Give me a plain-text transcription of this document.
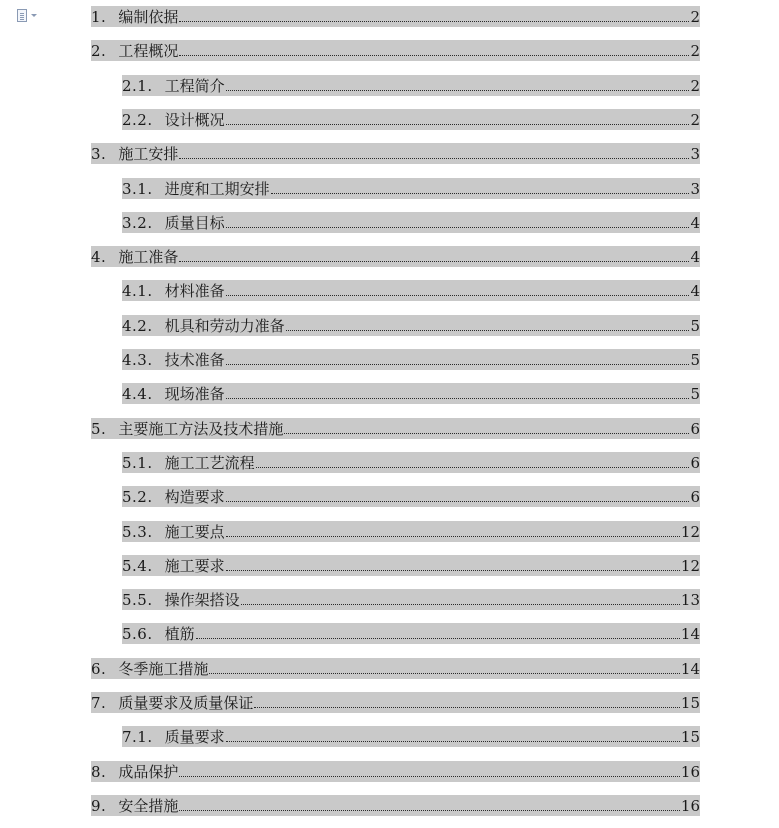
1. 编制依据	2
2. 工程概况	2
2.1. 工程简介	2
2.2. 设计概况	2
3. 施工安排	3
3.1. 进度和工期安排	3
3.2. 质量目标	4
4. 施工准备	4
4.1. 材料准备	4
4.2. 机具和劳动力准备	5
4.3. 技术准备	5
4.4. 现场准备	5
5. 主要施工方法及技术措施	6
5.1. 施工工艺流程	6
5.2. 构造要求	6
5.3. 施工要点	12
5.4. 施工要求	12
5.5. 操作架搭设	13
5.6. 植筋	14
6. 冬季施工措施	14
7. 质量要求及质量保证	15
7.1. 质量要求	15
8. 成品保护	16
9. 安全措施	16
